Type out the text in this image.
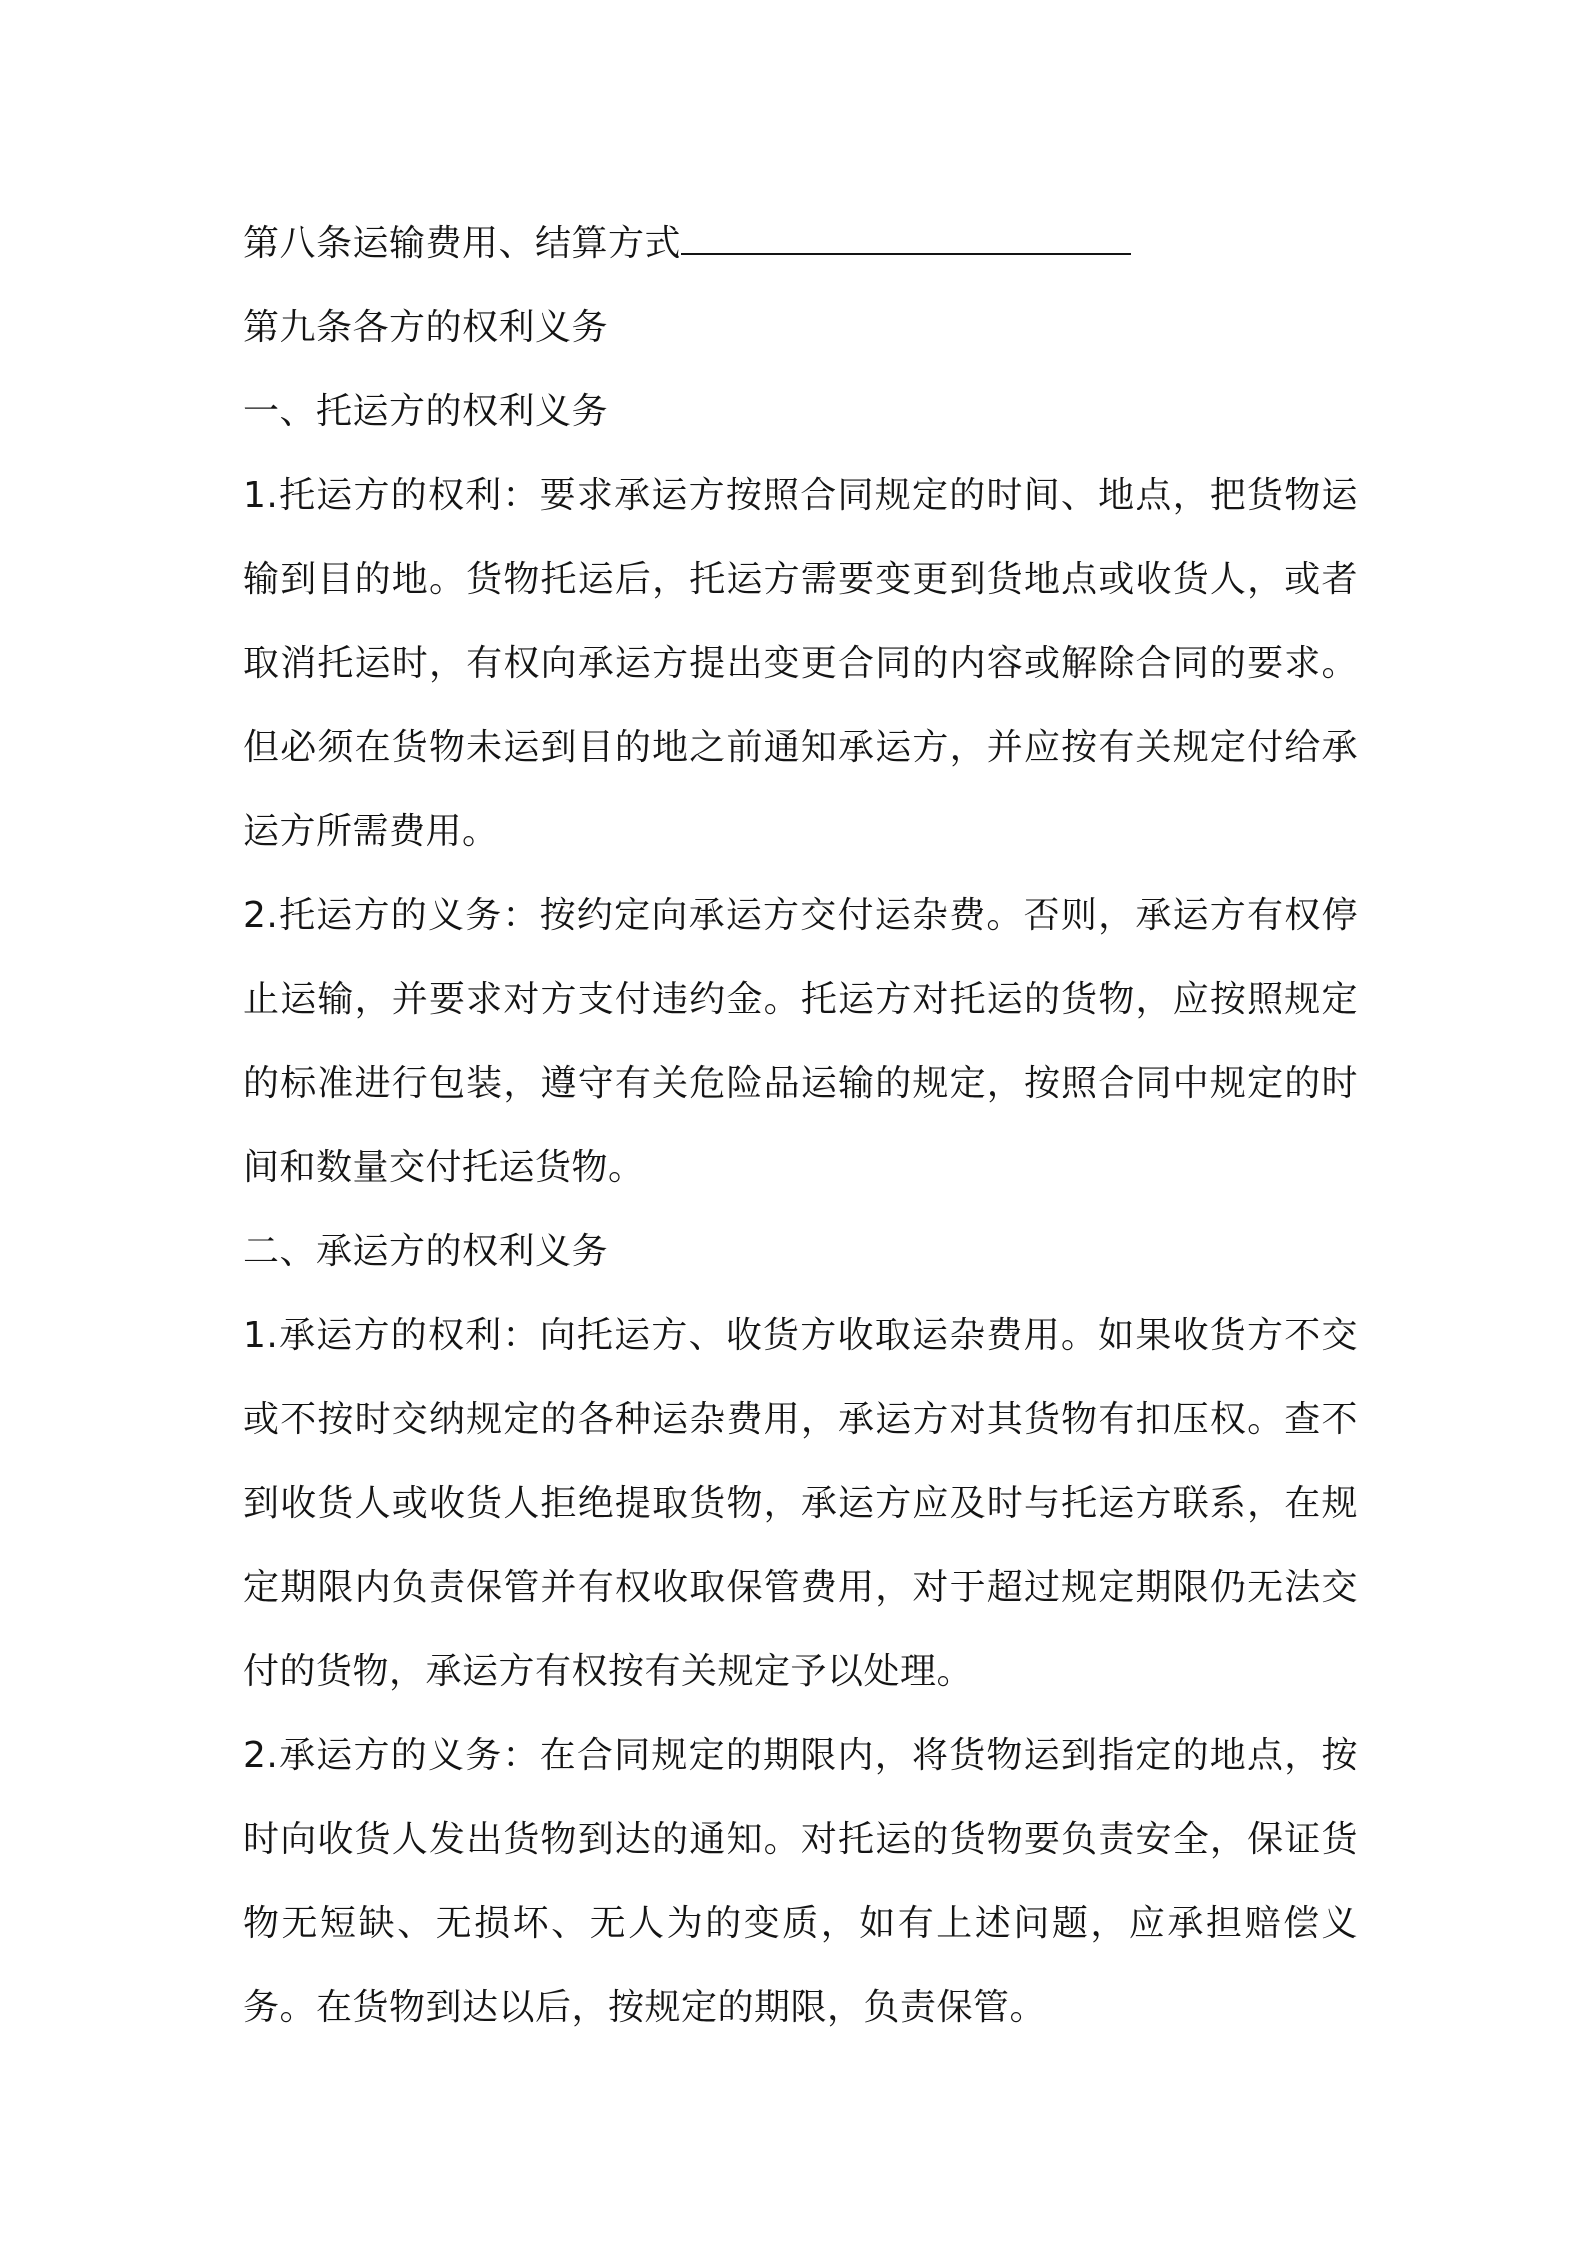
第八条运输费用、结算方式
第九条各方的权利义务
一、托运方的权利义务
1.托运方的权利：要求承运方按照合同规定的时间、地点，把货物运输到目的地。货物托运后，托运方需要变更到货地点或收货人，或者取消托运时，有权向承运方提出变更合同的内容或解除合同的要求。但必须在货物未运到目的地之前通知承运方，并应按有关规定付给承运方所需费用。
2.托运方的义务：按约定向承运方交付运杂费。否则，承运方有权停止运输，并要求对方支付违约金。托运方对托运的货物，应按照规定的标准进行包装，遵守有关危险品运输的规定，按照合同中规定的时间和数量交付托运货物。
二、承运方的权利义务
1.承运方的权利：向托运方、收货方收取运杂费用。如果收货方不交或不按时交纳规定的各种运杂费用，承运方对其货物有扣压权。查不到收货人或收货人拒绝提取货物，承运方应及时与托运方联系，在规定期限内负责保管并有权收取保管费用，对于超过规定期限仍无法交付的货物，承运方有权按有关规定予以处理。
2.承运方的义务：在合同规定的期限内，将货物运到指定的地点，按时向收货人发出货物到达的通知。对托运的货物要负责安全，保证货物无短缺、无损坏、无人为的变质，如有上述问题，应承担赔偿义务。在货物到达以后，按规定的期限，负责保管。
